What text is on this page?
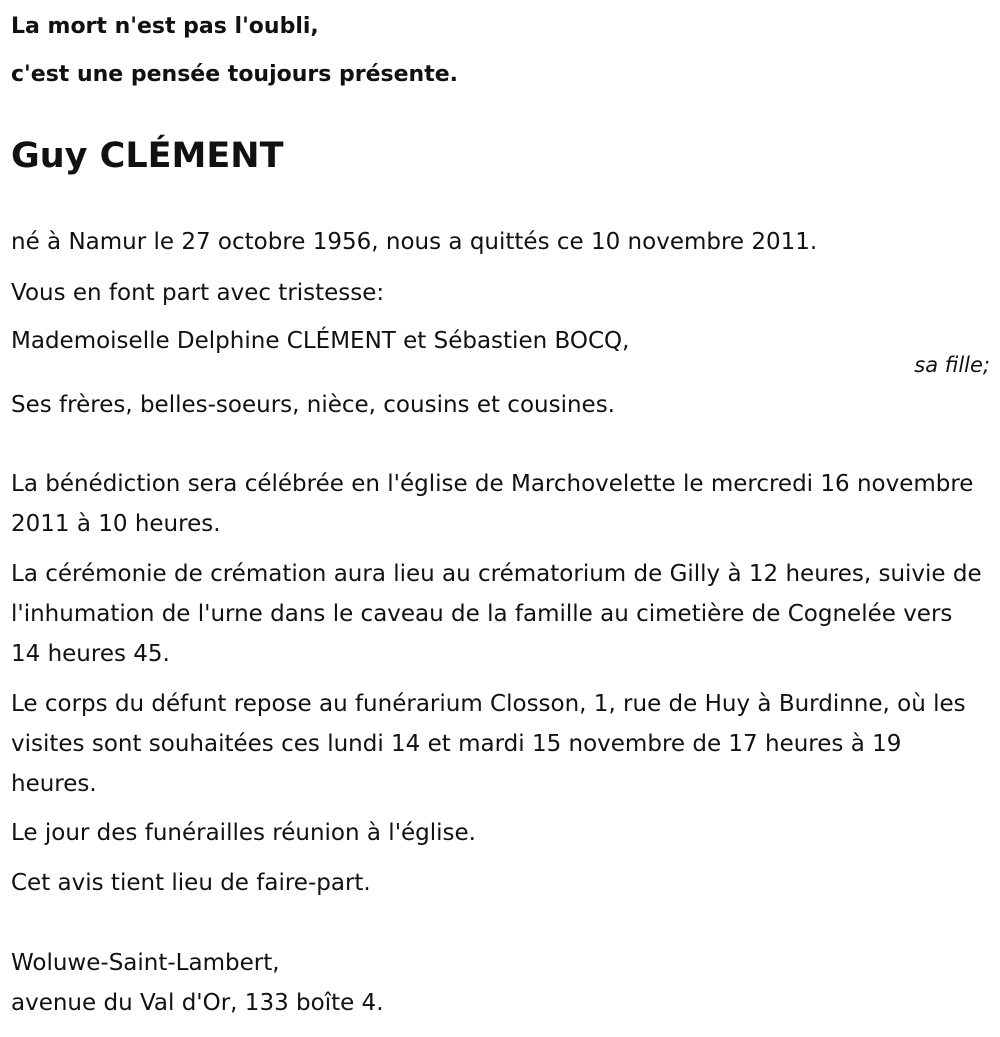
La mort n'est pas l'oubli,

c'est une pensée toujours présente.

Guy CLÉMENT

né à Namur le 27 octobre 1956, nous a quittés ce 10 novembre 2011.

Vous en font part avec tristesse:

Mademoiselle Delphine CLÉMENT et Sébastien BOCQ,

Ses frères, belles-soeurs, nièce, cousins et cousines.

La bénédiction sera célébrée en l'église de Marchovelette le mercredi 16 novembre 2011 à 10 heures.

La cérémonie de crémation aura lieu au crématorium de Gilly à 12 heures, suivie de l'inhumation de l'urne dans le caveau de la famille au cimetière de Cognelée vers 14 heures 45.

Le corps du défunt repose au funérarium Closson, 1, rue de Huy à Burdinne, où les visites sont souhaitées ces lundi 14 et mardi 15 novembre de 17 heures à 19 heures.

Le jour des funérailles réunion à l'église.

Cet avis tient lieu de faire-part.

Woluwe-Saint-Lambert,

avenue du Val d'Or, 133 boîte 4.

sa fille;
